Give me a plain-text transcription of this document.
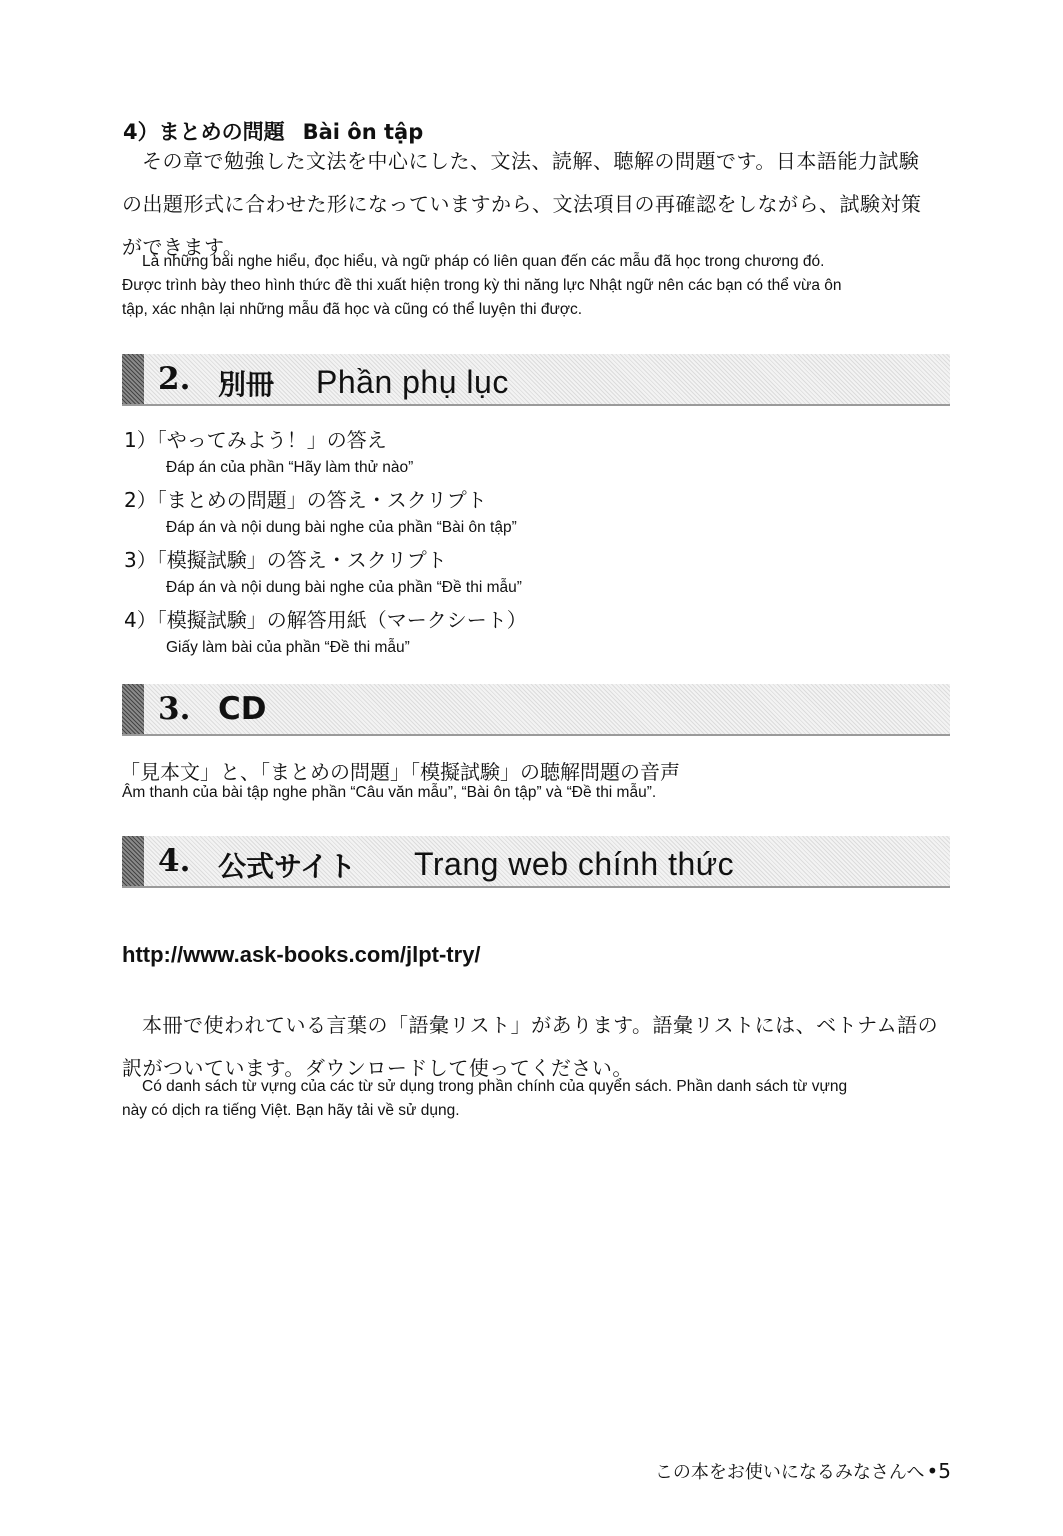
4）まとめの問題 Bài ôn tập
その章で勉強した文法を中心にした、文法、読解、聴解の問題です。日本語能力試験
の出題形式に合わせた形になっていますから、文法項目の再確認をしながら、試験対策
ができます。
Là những bài nghe hiểu, đọc hiểu, và ngữ pháp có liên quan đến các mẫu đã học trong chương đó.
Được trình bày theo hình thức đề thi xuất hiện trong kỳ thi năng lực Nhật ngữ nên các bạn có thể vừa ôn
tập, xác nhận lại những mẫu đã học và cũng có thể luyện thi được.
2. 別冊 Phần phụ lục
1）「やってみよう！」の答え
Đáp án của phần “Hãy làm thử nào”
2）「まとめの問題」の答え・スクリプト
Đáp án và nội dung bài nghe của phần “Bài ôn tập”
3）「模擬試験」の答え・スクリプト
Đáp án và nội dung bài nghe của phần “Đề thi mẫu”
4）「模擬試験」の解答用紙（マークシート）
Giấy làm bài của phần “Đề thi mẫu”
3. CD
「見本文」と、「まとめの問題」「模擬試験」の聴解問題の音声
Âm thanh của bài tập nghe phần “Câu văn mẫu”, “Bài ôn tập” và “Đề thi mẫu”.
4. 公式サイト Trang web chính thức
http://www.ask-books.com/jlpt-try/
本冊で使われている言葉の「語彙リスト」があります。語彙リストには、ベトナム語の
訳がついています。ダウンロードして使ってください。
Có danh sách từ vựng của các từ sử dụng trong phần chính của quyển sách. Phần danh sách từ vựng
này có dịch ra tiếng Việt. Bạn hãy tải về sử dụng.
この本をお使いになるみなさんへ •5
